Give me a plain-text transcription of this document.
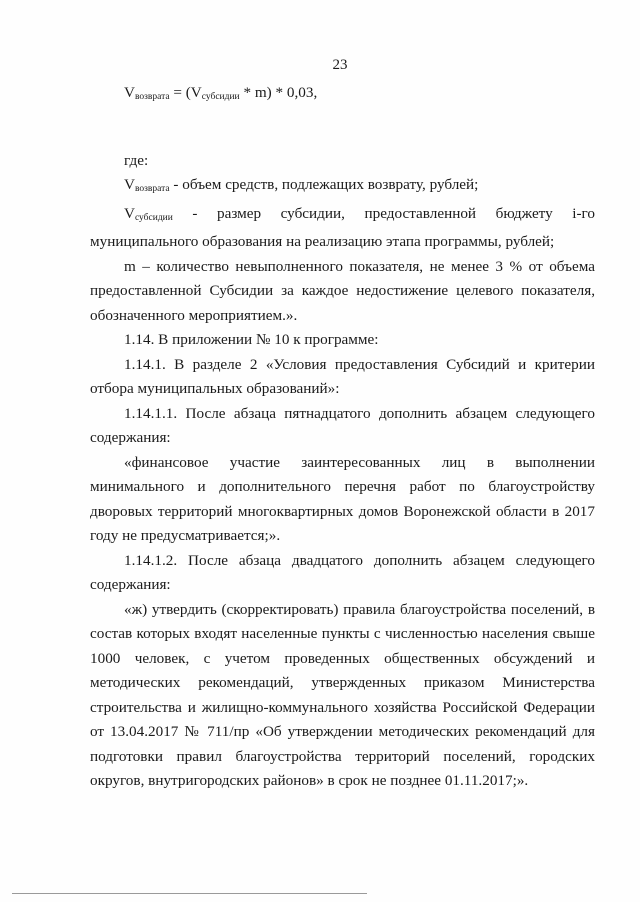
23

$V_{возврата} = (V_{субсидии} * m) * 0,03$,

где:

$V_{возврата}$ - объем средств, подлежащих возврату, рублей;

$V_{субсидии}$ - размер субсидии, предоставленной бюджету i-го муниципального образования на реализацию этапа программы, рублей;

m – количество невыполненного показателя, не менее 3 % от объема предоставленной Субсидии за каждое недостижение целевого показателя, обозначенного мероприятием.».

1.14. В приложении № 10 к программе:

1.14.1. В разделе 2 «Условия предоставления Субсидий и критерии отбора муниципальных образований»:

1.14.1.1. После абзаца пятнадцатого дополнить абзацем следующего содержания:

«финансовое участие заинтересованных лиц в выполнении минимального и дополнительного перечня работ по благоустройству дворовых территорий многоквартирных домов Воронежской области в 2017 году не предусматривается;».

1.14.1.2. После абзаца двадцатого дополнить абзацем следующего содержания:

«ж) утвердить (скорректировать) правила благоустройства поселений, в состав которых входят населенные пункты с численностью населения свыше 1000 человек, с учетом проведенных общественных обсуждений и методических рекомендаций, утвержденных приказом Министерства строительства и жилищно-коммунального хозяйства Российской Федерации от 13.04.2017 № 711/пр «Об утверждении методических рекомендаций для подготовки правил благоустройства территорий поселений, городских округов, внутригородских районов» в срок не позднее 01.11.2017;».
